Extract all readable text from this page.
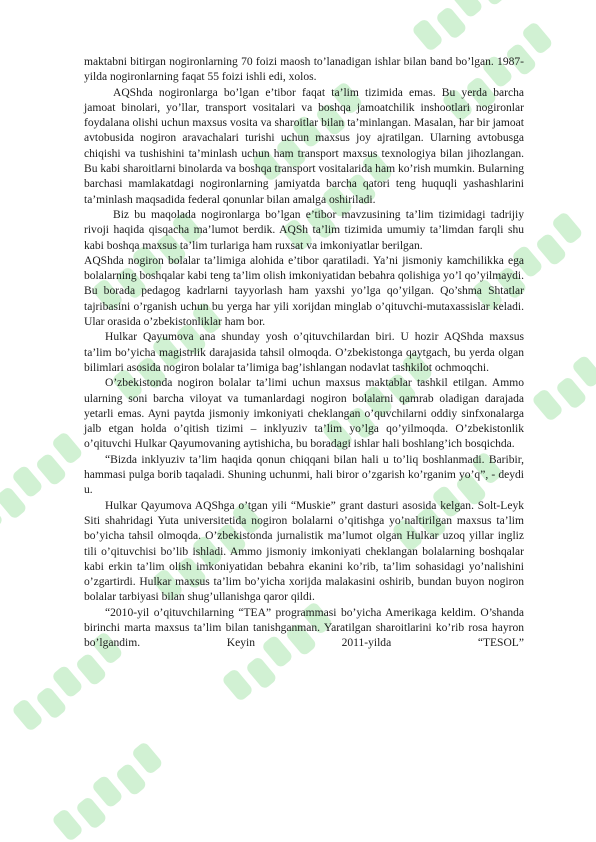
maktabni bitirgan nogironlarning 70 foizi maosh to’lanadigan ishlar bilan band bo’lgan. 1987-yilda nogironlarning faqat 55 foizi ishli edi, xolos.

AQShda nogironlarga bo’lgan e’tibor faqat ta’lim tizimida emas. Bu yerda barcha jamoat binolari, yo’llar, transport vositalari va boshqa jamoatchilik inshootlari nogironlar foydalana olishi uchun maxsus vosita va sharoitlar bilan ta’minlangan. Masalan, har bir jamoat avtobusida nogiron aravachalari turishi uchun maxsus joy ajratilgan. Ularning avtobusga chiqishi va tushishini ta’minlash uchun ham transport maxsus texnologiya bilan jihozlangan. Bu kabi sharoitlarni binolarda va boshqa transport vositalarida ham ko’rish mumkin. Bularning barchasi mamlakatdagi nogironlarning jamiyatda barcha qatori teng huquqli yashashlarini ta’minlash maqsadida federal qonunlar bilan amalga oshiriladi.

Biz bu maqolada nogironlarga bo’lgan e’tibor mavzusining ta’lim tizimidagi tadrijiy rivoji haqida qisqacha ma’lumot berdik. AQSh ta’lim tizimida umumiy ta’limdan farqli shu kabi boshqa maxsus ta’lim turlariga ham ruxsat va imkoniyatlar berilgan.

AQShda nogiron bolalar ta’limiga alohida e’tibor qaratiladi. Ya’ni jismoniy kamchilikka ega bolalarning boshqalar kabi teng ta’lim olish imkoniyatidan bebahra qolishiga yo’l qo’yilmaydi. Bu borada pedagog kadrlarni tayyorlash ham yaxshi yo’lga qo’yilgan. Qo’shma Shtatlar tajribasini o’rganish uchun bu yerga har yili xorijdan minglab o’qituvchi-mutaxassislar keladi. Ular orasida o’zbekistonliklar ham bor.

Hulkar Qayumova ana shunday yosh o’qituvchilardan biri. U hozir AQShda maxsus ta’lim bo’yicha magistrlik darajasida tahsil olmoqda. O’zbekistonga qaytgach, bu yerda olgan bilimlari asosida nogiron bolalar ta’limiga bag’ishlangan nodavlat tashkilot ochmoqchi.

O’zbekistonda nogiron bolalar ta’limi uchun maxsus maktablar tashkil etilgan. Ammo ularning soni barcha viloyat va tumanlardagi nogiron bolalarni qamrab oladigan darajada yetarli emas. Ayni paytda jismoniy imkoniyati cheklangan o’quvchilarni oddiy sinfxonalarga jalb etgan holda o’qitish tizimi – inklyuziv ta’lim yo’lga qo’yilmoqda. O’zbekistonlik o’qituvchi Hulkar Qayumovaning aytishicha, bu boradagi ishlar hali boshlang’ich bosqichda.

“Bizda inklyuziv ta’lim haqida qonun chiqqani bilan hali u to’liq boshlanmadi. Baribir, hammasi pulga borib taqaladi. Shuning uchunmi, hali biror o’zgarish ko’rganim yo’q”, - deydi u.

Hulkar Qayumova AQShga o’tgan yili “Muskie” grant dasturi asosida kelgan. Solt-Leyk Siti shahridagi Yuta universitetida nogiron bolalarni o’qitishga yo’naltirilgan maxsus ta’lim bo’yicha tahsil olmoqda. O’zbekistonda jurnalistik ma’lumot olgan Hulkar uzoq yillar ingliz tili o’qituvchisi bo’lib ishladi. Ammo jismoniy imkoniyati cheklangan bolalarning boshqalar kabi erkin ta’lim olish imkoniyatidan bebahra ekanini ko’rib, ta’lim sohasidagi yo’nalishini o’zgartirdi. Hulkar maxsus ta’lim bo’yicha xorijda malakasini oshirib, bundan buyon nogiron bolalar tarbiyasi bilan shug’ullanishga qaror qildi.

“2010-yil o’qituvchilarning “TEA” programmasi bo’yicha Amerikaga keldim. O’shanda birinchi marta maxsus ta’lim bilan tanishganman. Yaratilgan sharoitlarini ko’rib rosa hayron bo’lgandim. Keyin 2011-yilda “TESOL”
